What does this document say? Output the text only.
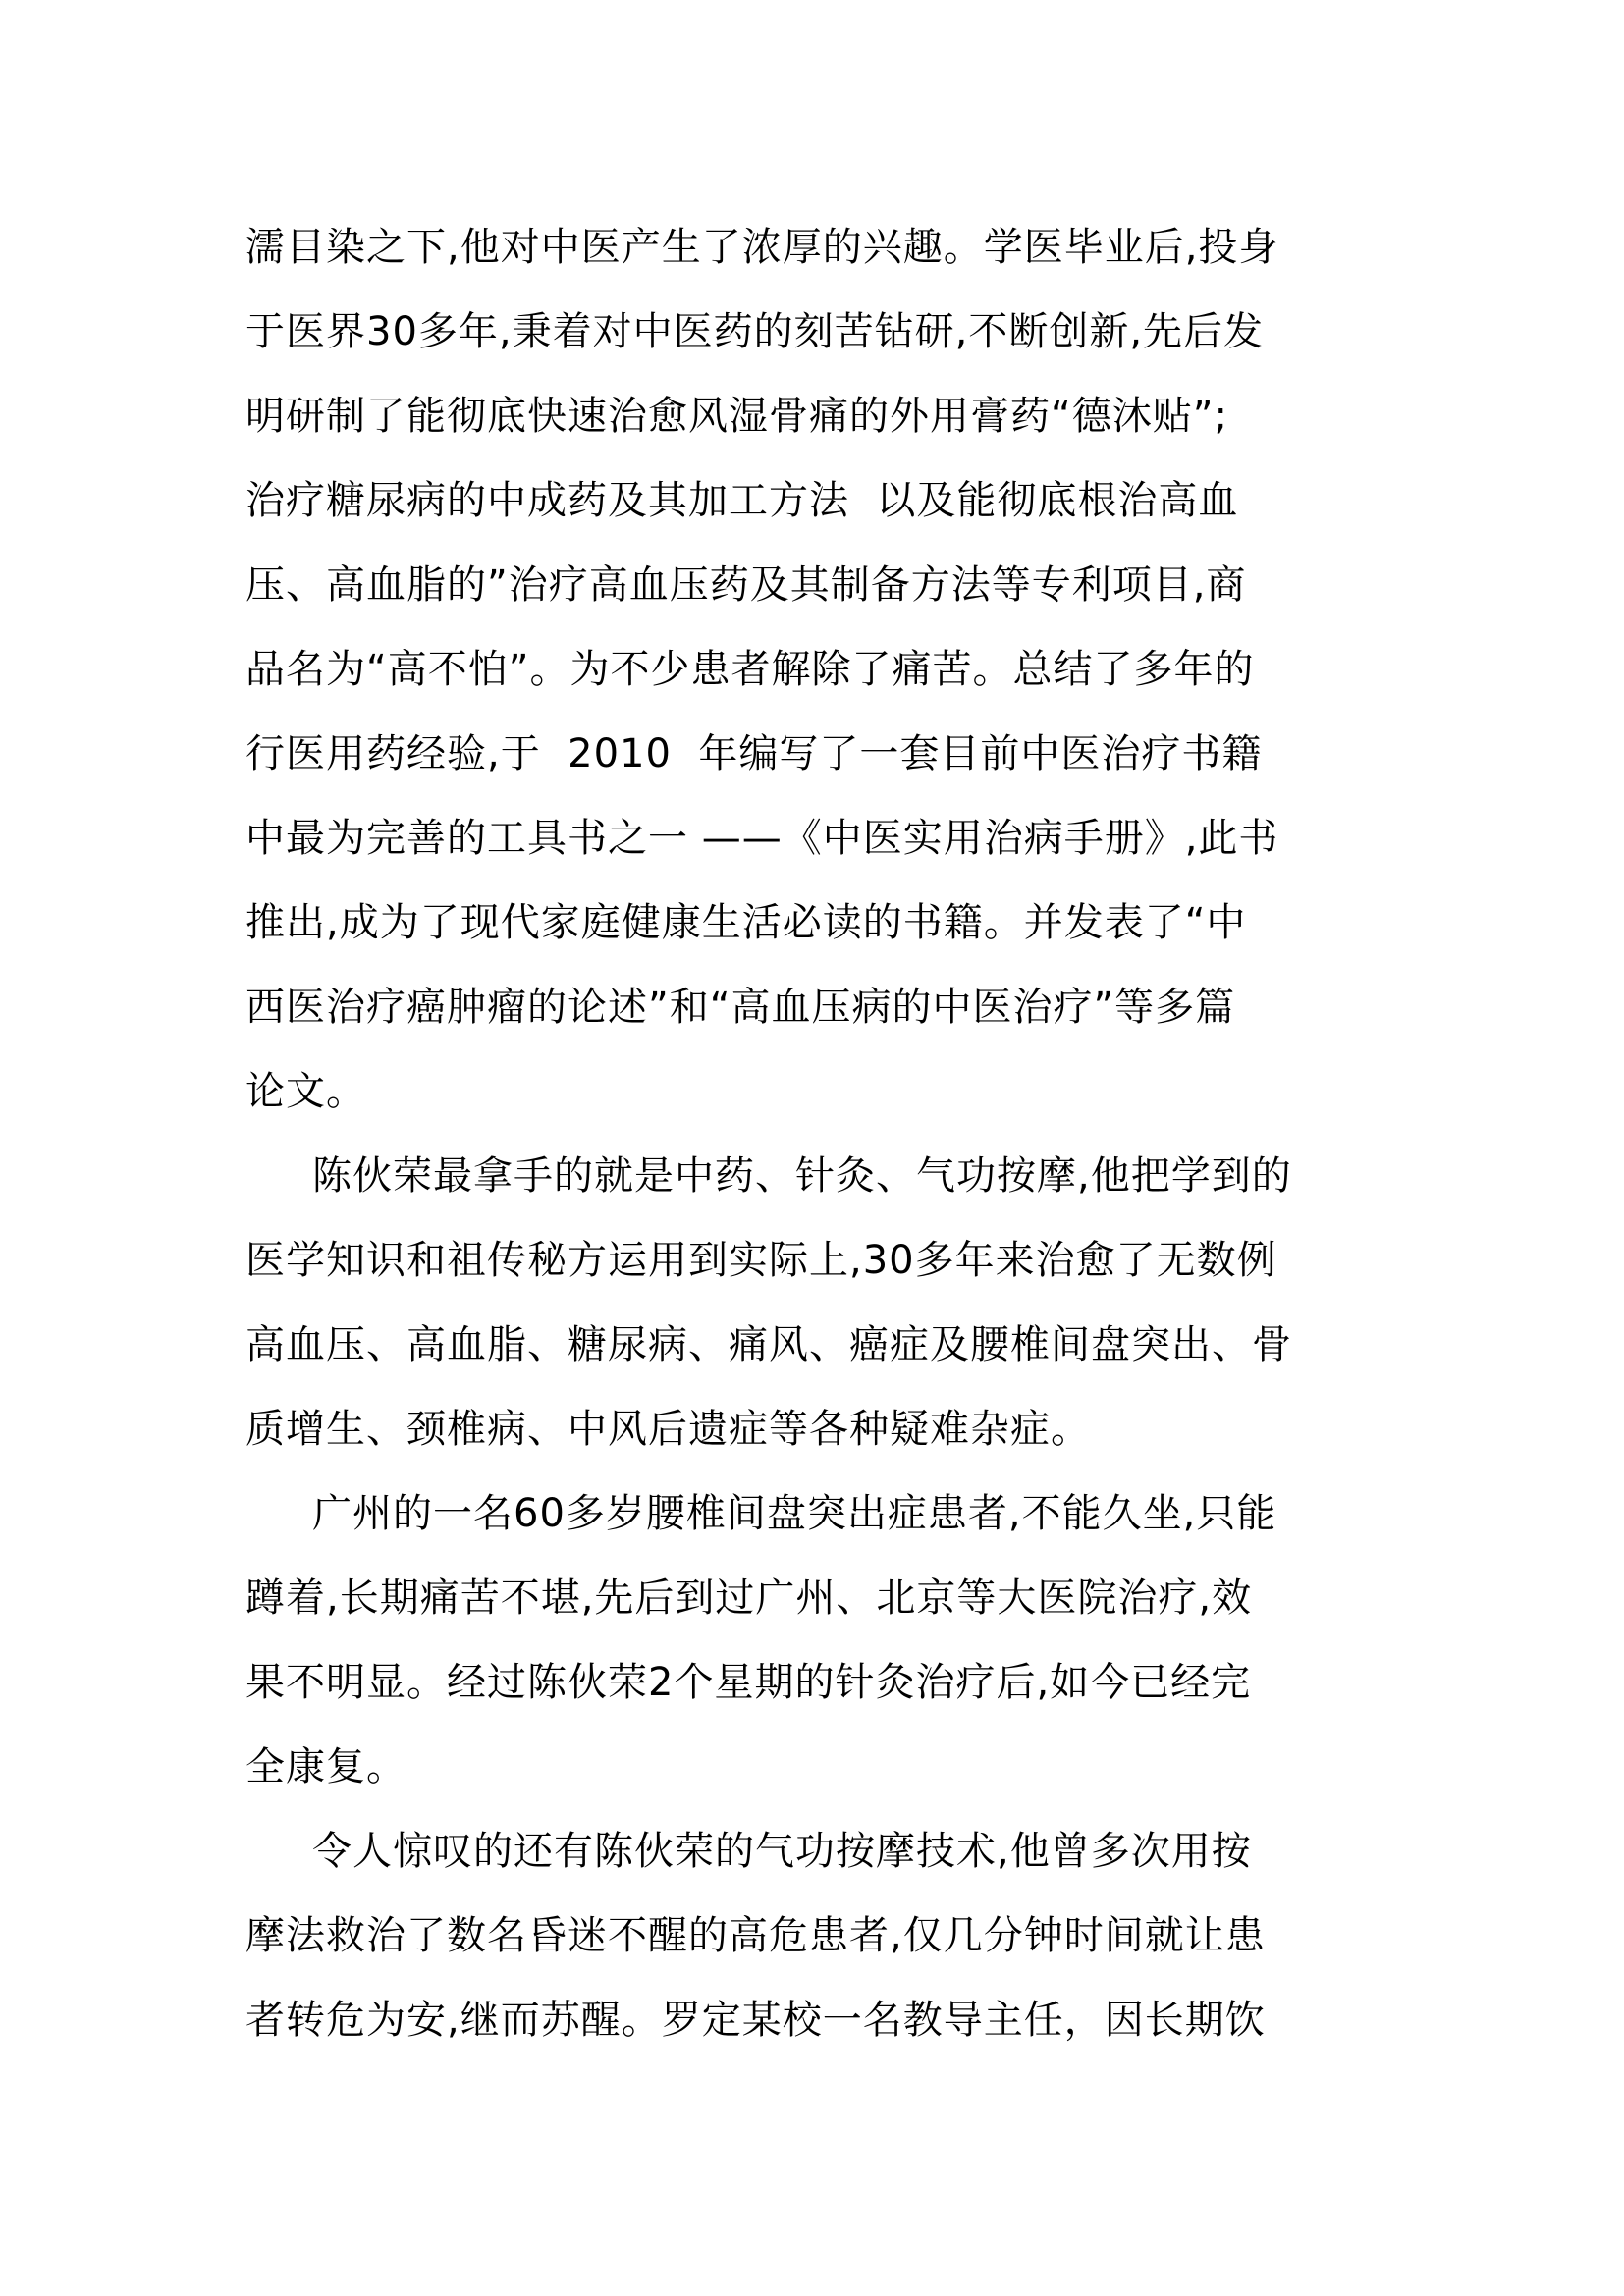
濡目染之下,他对中医产生了浓厚的兴趣。学医毕业后,投身
于医界30多年,秉着对中医药的刻苦钻研,不断创新,先后发
明研制了能彻底快速治愈风湿骨痛的外用膏药“德沐贴”;
治疗糖尿病的中成药及其加工方法  以及能彻底根治高血
压、高血脂的”治疗高血压药及其制备方法等专利项目,商
品名为“高不怕”。为不少患者解除了痛苦。总结了多年的
行医用药经验,于  2010  年编写了一套目前中医治疗书籍
中最为完善的工具书之一 ——《中医实用治病手册》,此书
推出,成为了现代家庭健康生活必读的书籍。并发表了“中
西医治疗癌肿瘤的论述”和“高血压病的中医治疗”等多篇
论文。
陈伙荣最拿手的就是中药、针灸、气功按摩,他把学到的
医学知识和祖传秘方运用到实际上,30多年来治愈了无数例
高血压、高血脂、糖尿病、痛风、癌症及腰椎间盘突出、骨
质增生、颈椎病、中风后遗症等各种疑难杂症。
广州的一名60多岁腰椎间盘突出症患者,不能久坐,只能
蹲着,长期痛苦不堪,先后到过广州、北京等大医院治疗,效
果不明显。经过陈伙荣2个星期的针灸治疗后,如今已经完
全康复。
令人惊叹的还有陈伙荣的气功按摩技术,他曾多次用按
摩法救治了数名昏迷不醒的高危患者,仅几分钟时间就让患
者转危为安,继而苏醒。罗定某校一名教导主任，因长期饮
